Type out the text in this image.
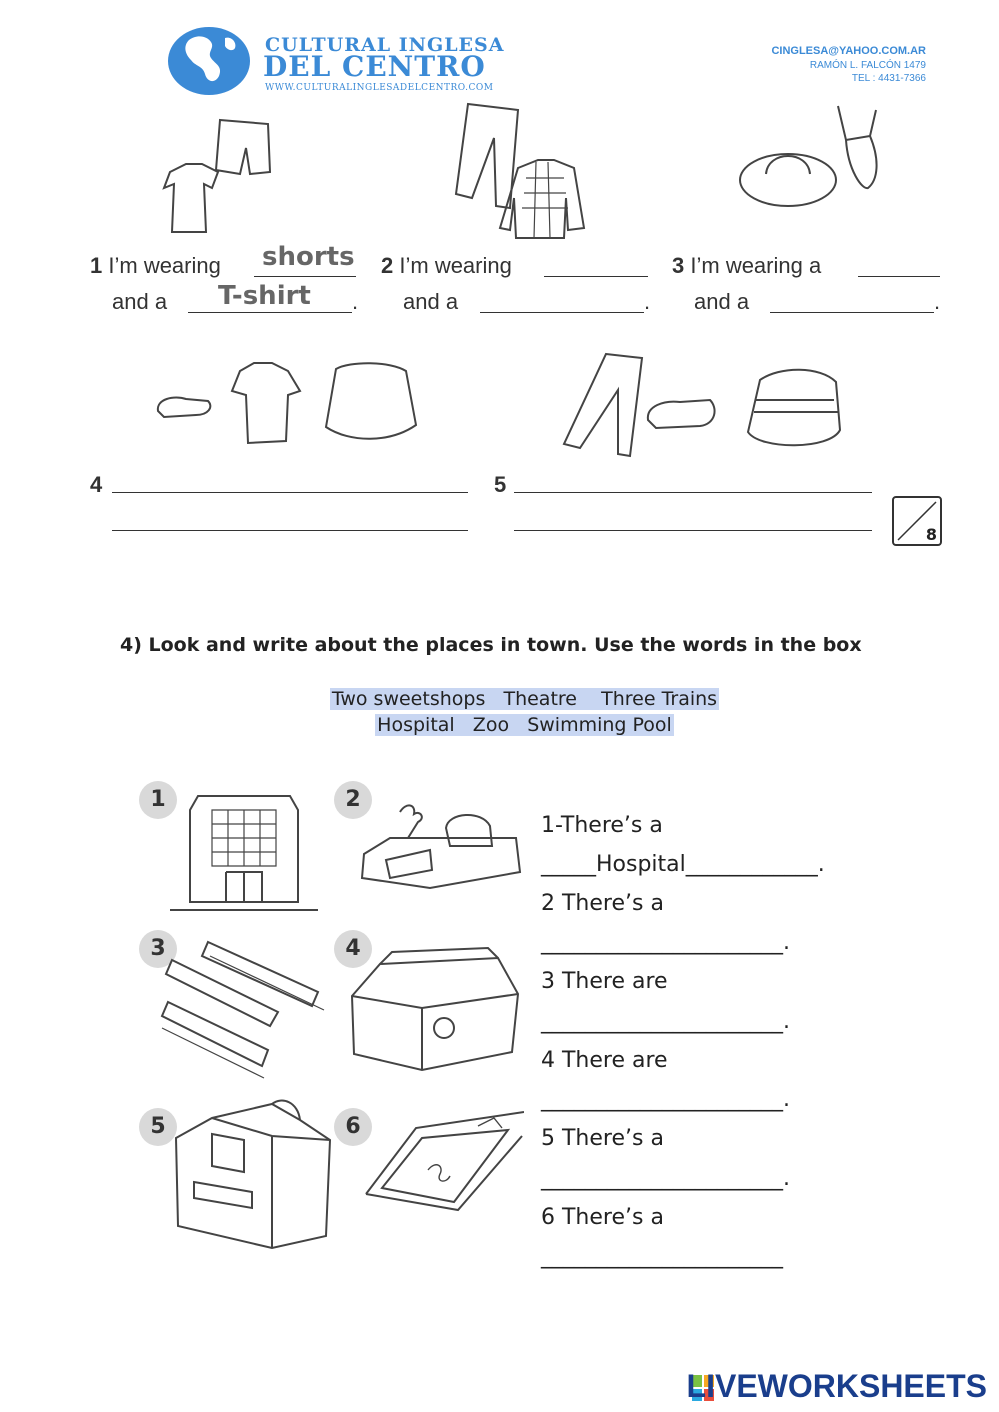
CULTURAL INGLESA
DEL CENTRO
WWW.CULTURALINGLESADELCENTRO.COM
CINGLESA@YAHOO.COM.AR
RAMÓN L. FALCÓN 1479
TEL : 4431-7366
1 I’m wearing shorts
and a T-shirt .
2 I’m wearing
and a	.
3 I’m wearing a
and a	.
4	5
8
4) Look and write about the places in town. Use the words in the box
Two sweetshops   Theatre    Three Trains
Hospital   Zoo   Swimming Pool
1	2
3	4
5	6
1-There’s a
_____Hospital____________.
2 There’s a
______________________.
3 There are
______________________.
4 There are
______________________.
5 There’s a
______________________.
6 There’s a
______________________
LIVEWORKSHEETS
